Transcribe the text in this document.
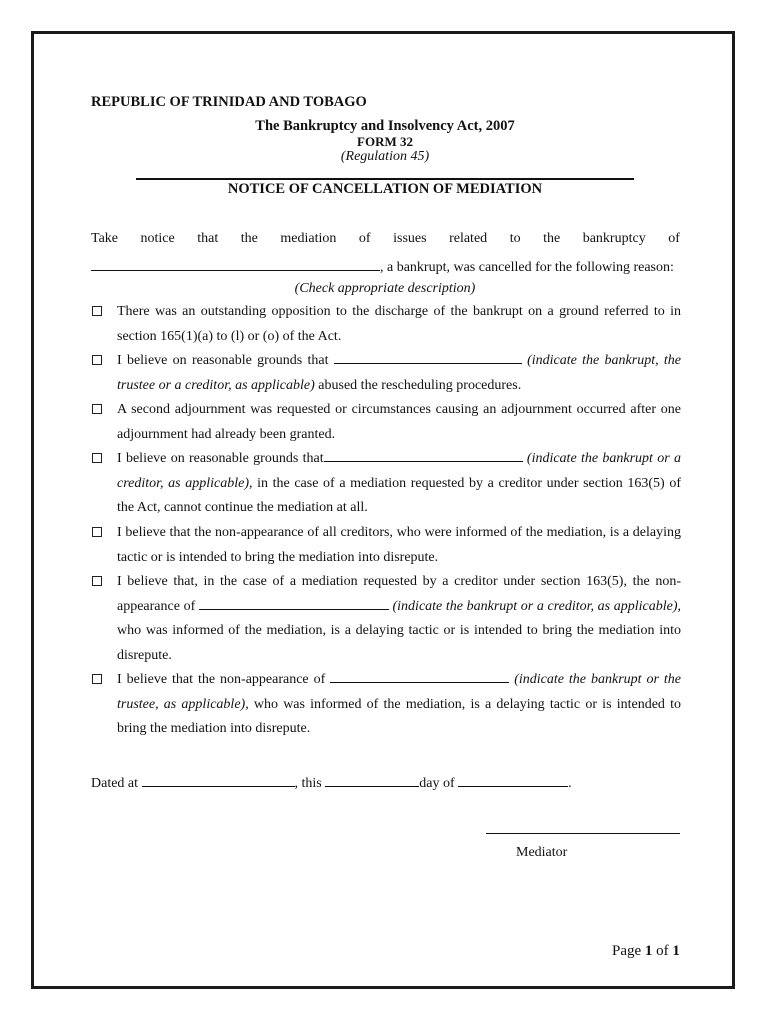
REPUBLIC OF TRINIDAD AND TOBAGO
The Bankruptcy and Insolvency Act, 2007
FORM 32
(Regulation 45)
NOTICE OF CANCELLATION OF MEDIATION
Take notice that the mediation of issues related to the bankruptcy of
, a bankrupt, was cancelled for the following reason:
(Check appropriate description)
There was an outstanding opposition to the discharge of the bankrupt on a ground referred to in section 165(1)(a) to (l) or (o) of the Act.
I believe on reasonable grounds that	(indicate the bankrupt, the trustee or a creditor, as applicable) abused the rescheduling procedures.
A second adjournment was requested or circumstances causing an adjournment occurred after one adjournment had already been granted.
I believe on reasonable grounds that	(indicate the bankrupt or a creditor, as applicable), in the case of a mediation requested by a creditor under section 163(5) of the Act, cannot continue the mediation at all.
I believe that the non-appearance of all creditors, who were informed of the mediation, is a delaying tactic or is intended to bring the mediation into disrepute.
I believe that, in the case of a mediation requested by a creditor under section 163(5), the non-appearance of	(indicate the bankrupt or a creditor, as applicable), who was informed of the mediation, is a delaying tactic or is intended to bring the mediation into disrepute.
I believe that the non-appearance of	(indicate the bankrupt or the trustee, as applicable), who was informed of the mediation, is a delaying tactic or is intended to bring the mediation into disrepute.
Dated at	, this	day of	.
Mediator
Page 1 of 1
